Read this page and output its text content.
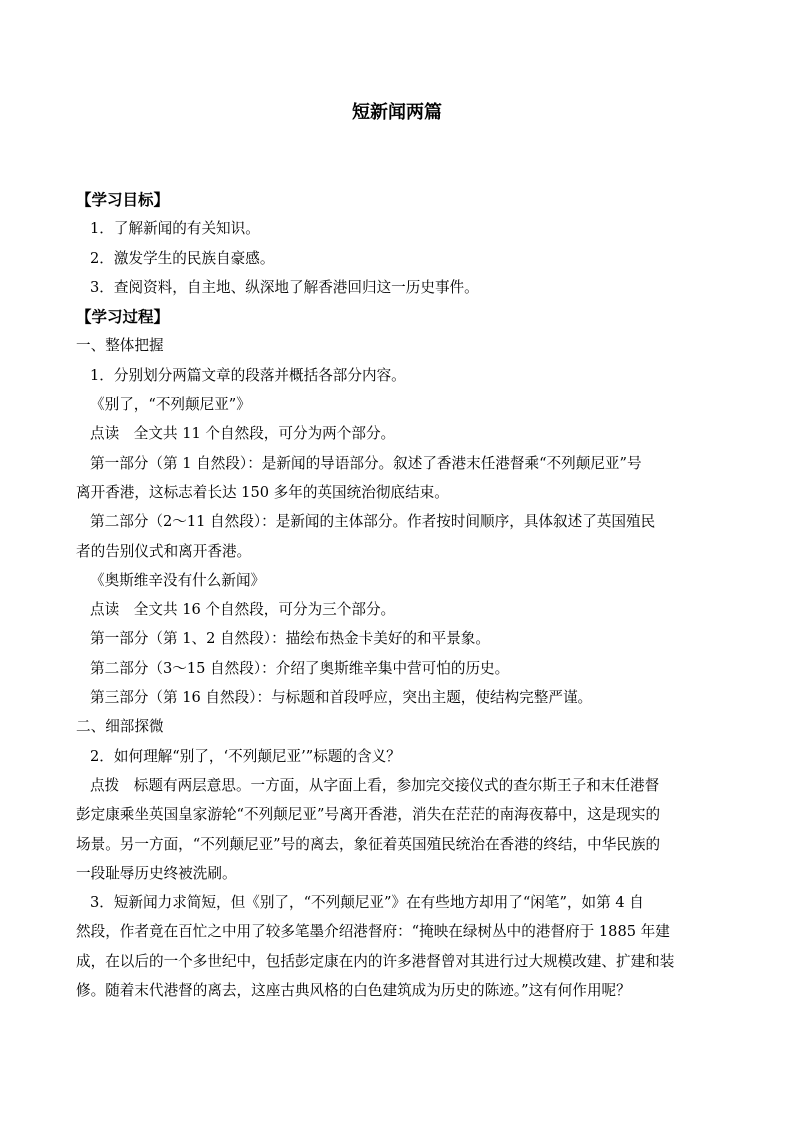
短新闻两篇
【学习目标】
1．了解新闻的有关知识。
2．激发学生的民族自豪感。
3．查阅资料，自主地、纵深地了解香港回归这一历史事件。
【学习过程】
一、整体把握
1．分别划分两篇文章的段落并概括各部分内容。
《别了，“不列颠尼亚”》
点读　全文共 11 个自然段，可分为两个部分。
第一部分（第 1 自然段）：是新闻的导语部分。叙述了香港末任港督乘“不列颠尼亚”号
离开香港，这标志着长达 150 多年的英国统治彻底结束。
第二部分（2～11 自然段）：是新闻的主体部分。作者按时间顺序，具体叙述了英国殖民
者的告别仪式和离开香港。
《奥斯维辛没有什么新闻》
点读　全文共 16 个自然段，可分为三个部分。
第一部分（第 1、2 自然段）：描绘布热金卡美好的和平景象。
第二部分（3～15 自然段）：介绍了奥斯维辛集中营可怕的历史。
第三部分（第 16 自然段）：与标题和首段呼应，突出主题，使结构完整严谨。
二、细部探微
2．如何理解“别了，‘不列颠尼亚’”标题的含义？
点拨　标题有两层意思。一方面，从字面上看，参加完交接仪式的查尔斯王子和末任港督
彭定康乘坐英国皇家游轮“不列颠尼亚”号离开香港，消失在茫茫的南海夜幕中，这是现实的
场景。另一方面，“不列颠尼亚”号的离去，象征着英国殖民统治在香港的终结，中华民族的
一段耻辱历史终被洗刷。
3．短新闻力求简短，但《别了，“不列颠尼亚”》在有些地方却用了“闲笔”，如第 4 自
然段，作者竟在百忙之中用了较多笔墨介绍港督府：“掩映在绿树丛中的港督府于 1885 年建
成，在以后的一个多世纪中，包括彭定康在内的许多港督曾对其进行过大规模改建、扩建和装
修。随着末代港督的离去，这座古典风格的白色建筑成为历史的陈迹。”这有何作用呢？
